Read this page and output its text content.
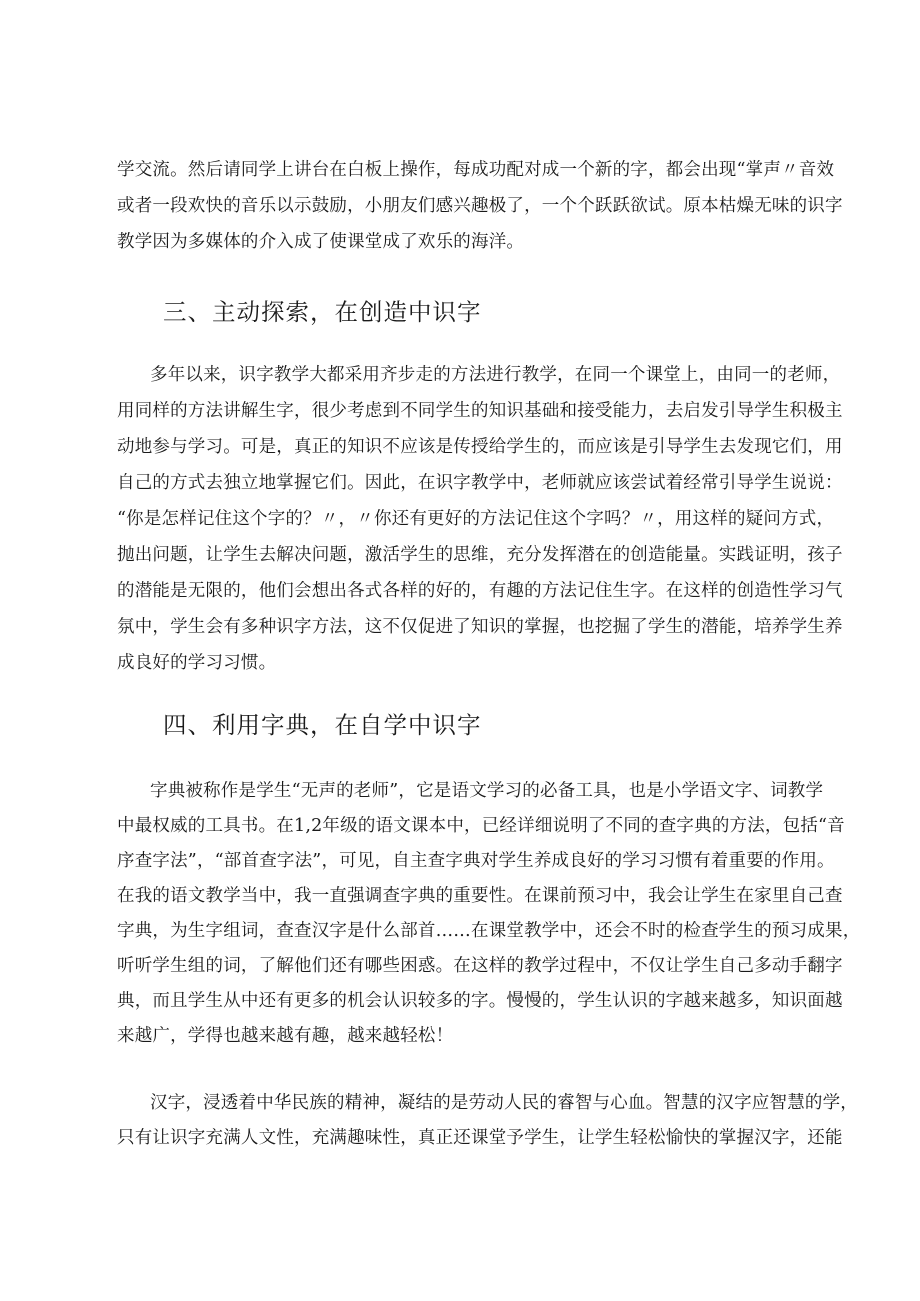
学交流。然后请同学上讲台在白板上操作，每成功配对成一个新的字，都会出现“掌声〃音效
或者一段欢快的音乐以示鼓励，小朋友们感兴趣极了，一个个跃跃欲试。原本枯燥无味的识字
教学因为多媒体的介入成了使课堂成了欢乐的海洋。
三、主动探索，在创造中识字
多年以来，识字教学大都采用齐步走的方法进行教学，在同一个课堂上，由同一的老师，
用同样的方法讲解生字，很少考虑到不同学生的知识基础和接受能力，去启发引导学生积极主
动地参与学习。可是，真正的知识不应该是传授给学生的，而应该是引导学生去发现它们，用
自己的方式去独立地掌握它们。因此，在识字教学中，老师就应该尝试着经常引导学生说说：
“你是怎样记住这个字的？〃，〃你还有更好的方法记住这个字吗？〃，用这样的疑问方式，
抛出问题，让学生去解决问题，激活学生的思维，充分发挥潜在的创造能量。实践证明，孩子
的潜能是无限的，他们会想出各式各样的好的，有趣的方法记住生字。在这样的创造性学习气
氛中，学生会有多种识字方法，这不仅促进了知识的掌握，也挖掘了学生的潜能，培养学生养
成良好的学习习惯。
四、利用字典，在自学中识字
字典被称作是学生“无声的老师”，它是语文学习的必备工具，也是小学语文字、词教学
中最权威的工具书。在1,2年级的语文课本中，已经详细说明了不同的查字典的方法，包括“音
序查字法”，“部首查字法”，可见，自主查字典对学生养成良好的学习习惯有着重要的作用。
在我的语文教学当中，我一直强调查字典的重要性。在课前预习中，我会让学生在家里自己查
字典，为生字组词，查查汉字是什么部首……在课堂教学中，还会不时的检查学生的预习成果，
听听学生组的词，了解他们还有哪些困惑。在这样的教学过程中，不仅让学生自己多动手翻字
典，而且学生从中还有更多的机会认识较多的字。慢慢的，学生认识的字越来越多，知识面越
来越广，学得也越来越有趣，越来越轻松！
汉字，浸透着中华民族的精神，凝结的是劳动人民的睿智与心血。智慧的汉字应智慧的学，
只有让识字充满人文性，充满趣味性，真正还课堂予学生，让学生轻松愉快的掌握汉字，还能
